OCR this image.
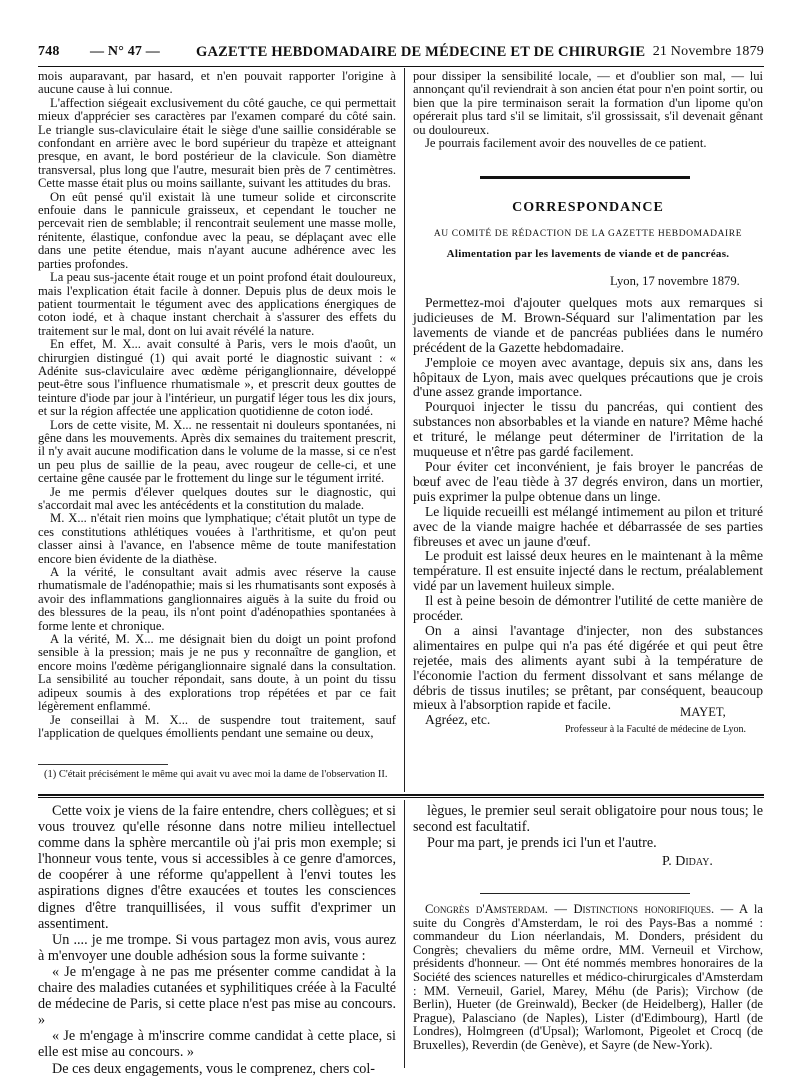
748 — N° 47 — GAZETTE HEBDOMADAIRE DE MÉDECINE ET DE CHIRURGIE 21 Novembre 1879

mois auparavant, par hasard, et n'en pouvait rapporter l'origine à aucune cause à lui connue.

L'affection siégeait exclusivement du côté gauche, ce qui permettait mieux d'apprécier ses caractères par l'examen comparé du côté sain. Le triangle sus-claviculaire était le siège d'une saillie considérable se confondant en arrière avec le bord supérieur du trapèze et atteignant presque, en avant, le bord postérieur de la clavicule. Son diamètre transversal, plus long que l'autre, mesurait bien près de 7 centimètres. Cette masse était plus ou moins saillante, suivant les attitudes du bras.

On eût pensé qu'il existait là une tumeur solide et circonscrite enfouie dans le pannicule graisseux, et cependant le toucher ne percevait rien de semblable; il rencontrait seulement une masse molle, rénitente, élastique, confondue avec la peau, se déplaçant avec elle dans une petite étendue, mais n'ayant aucune adhérence avec les parties profondes.

La peau sus-jacente était rouge et un point profond était douloureux, mais l'explication était facile à donner. Depuis plus de deux mois le patient tourmentait le tégument avec des applications énergiques de coton iodé, et à chaque instant cherchait à s'assurer des effets du traitement sur le mal, dont on lui avait révélé la nature.

En effet, M. X... avait consulté à Paris, vers le mois d'août, un chirurgien distingué (1) qui avait porté le diagnostic suivant : « Adénite sus-claviculaire avec œdème périganglionnaire, développé peut-être sous l'influence rhumatismale », et prescrit deux gouttes de teinture d'iode par jour à l'intérieur, un purgatif léger tous les dix jours, et sur la région affectée une application quotidienne de coton iodé.

Lors de cette visite, M. X... ne ressentait ni douleurs spontanées, ni gêne dans les mouvements. Après dix semaines du traitement prescrit, il n'y avait aucune modification dans le volume de la masse, si ce n'est un peu plus de saillie de la peau, avec rougeur de celle-ci, et une certaine gêne causée par le frottement du linge sur le tégument irrité.

Je me permis d'élever quelques doutes sur le diagnostic, qui s'accordait mal avec les antécédents et la constitution du malade.

M. X... n'était rien moins que lymphatique; c'était plutôt un type de ces constitutions athlétiques vouées à l'arthritisme, et qu'on peut classer ainsi à l'avance, en l'absence même de toute manifestation encore bien évidente de la diathèse.

A la vérité, le consultant avait admis avec réserve la cause rhumatismale de l'adénopathie; mais si les rhumatisants sont exposés à avoir des inflammations ganglionnaires aiguës à la suite du froid ou des blessures de la peau, ils n'ont point d'adénopathies spontanées à forme lente et chronique.

A la vérité, M. X... me désignait bien du doigt un point profond sensible à la pression; mais je ne pus y reconnaître de ganglion, et encore moins l'œdème périganglionnaire signalé dans la consultation. La sensibilité au toucher répondait, sans doute, à un point du tissu adipeux soumis à des explorations trop répétées et par ce fait légèrement enflammé.

Je conseillai à M. X... de suspendre tout traitement, sauf l'application de quelques émollients pendant une semaine ou deux,

(1) C'était précisément le même qui avait vu avec moi la dame de l'observation II.

pour dissiper la sensibilité locale, — et d'oublier son mal, — lui annonçant qu'il reviendrait à son ancien état pour n'en point sortir, ou bien que la pire terminaison serait la formation d'un lipome qu'on opérerait plus tard s'il se limitait, s'il grossissait, s'il devenait gênant ou douloureux.

Je pourrais facilement avoir des nouvelles de ce patient.

CORRESPONDANCE
AU COMITÉ DE RÉDACTION DE LA GAZETTE HEBDOMADAIRE
Alimentation par les lavements de viande et de pancréas.
Lyon, 17 novembre 1879.

Permettez-moi d'ajouter quelques mots aux remarques si judicieuses de M. Brown-Séquard sur l'alimentation par les lavements de viande et de pancréas publiées dans le numéro précédent de la Gazette hebdomadaire.

J'emploie ce moyen avec avantage, depuis six ans, dans les hôpitaux de Lyon, mais avec quelques précautions que je crois d'une assez grande importance.

Pourquoi injecter le tissu du pancréas, qui contient des substances non absorbables et la viande en nature? Même haché et trituré, le mélange peut déterminer de l'irritation de la muqueuse et n'être pas gardé facilement.

Pour éviter cet inconvénient, je fais broyer le pancréas de bœuf avec de l'eau tiède à 37 degrés environ, dans un mortier, puis exprimer la pulpe obtenue dans un linge.

Le liquide recueilli est mélangé intimement au pilon et trituré avec de la viande maigre hachée et débarrassée de ses parties fibreuses et avec un jaune d'œuf.

Le produit est laissé deux heures en le maintenant à la même température. Il est ensuite injecté dans le rectum, préalablement vidé par un lavement huileux simple.

Il est à peine besoin de démontrer l'utilité de cette manière de procéder.

On a ainsi l'avantage d'injecter, non des substances alimentaires en pulpe qui n'a pas été digérée et qui peut être rejetée, mais des aliments ayant subi à la température de l'économie l'action du ferment dissolvant et sans mélange de débris de tissus inutiles; se prêtant, par conséquent, beaucoup mieux à l'absorption rapide et facile.

Agréez, etc.

MAYET,
Professeur à la Faculté de médecine de Lyon.

Cette voix je viens de la faire entendre, chers collègues; et si vous trouvez qu'elle résonne dans notre milieu intellectuel comme dans la sphère mercantile où j'ai pris mon exemple; si l'honneur vous tente, vous si accessibles à ce genre d'amorces, de coopérer à une réforme qu'appellent à l'envi toutes les aspirations dignes d'être exaucées et toutes les consciences dignes d'être tranquillisées, il vous suffit d'exprimer un assentiment.

Un .... je me trompe. Si vous partagez mon avis, vous aurez à m'envoyer une double adhésion sous la forme suivante :

« Je m'engage à ne pas me présenter comme candidat à la chaire des maladies cutanées et syphilitiques créée à la Faculté de médecine de Paris, si cette place n'est pas mise au concours. »

« Je m'engage à m'inscrire comme candidat à cette place, si elle est mise au concours. »

De ces deux engagements, vous le comprenez, chers col-

lègues, le premier seul serait obligatoire pour nous tous; le second est facultatif.

Pour ma part, je prends ici l'un et l'autre.

P. Diday.

Congrès d'Amsterdam. — Distinctions honorifiques. — A la suite du Congrès d'Amsterdam, le roi des Pays-Bas a nommé : commandeur du Lion néerlandais, M. Donders, président du Congrès; chevaliers du même ordre, MM. Verneuil et Virchow, présidents d'honneur. — Ont été nommés membres honoraires de la Société des sciences naturelles et médico-chirurgicales d'Amsterdam : MM. Verneuil, Gariel, Marey, Méhu (de Paris); Virchow (de Berlin), Hueter (de Greinwald), Becker (de Heidelberg), Haller (de Prague), Palasciano (de Naples), Lister (d'Edimbourg), Hartl (de Londres), Holmgreen (d'Upsal); Warlomont, Pigeolet et Crocq (de Bruxelles), Reverdin (de Genève), et Sayre (de New-York).
